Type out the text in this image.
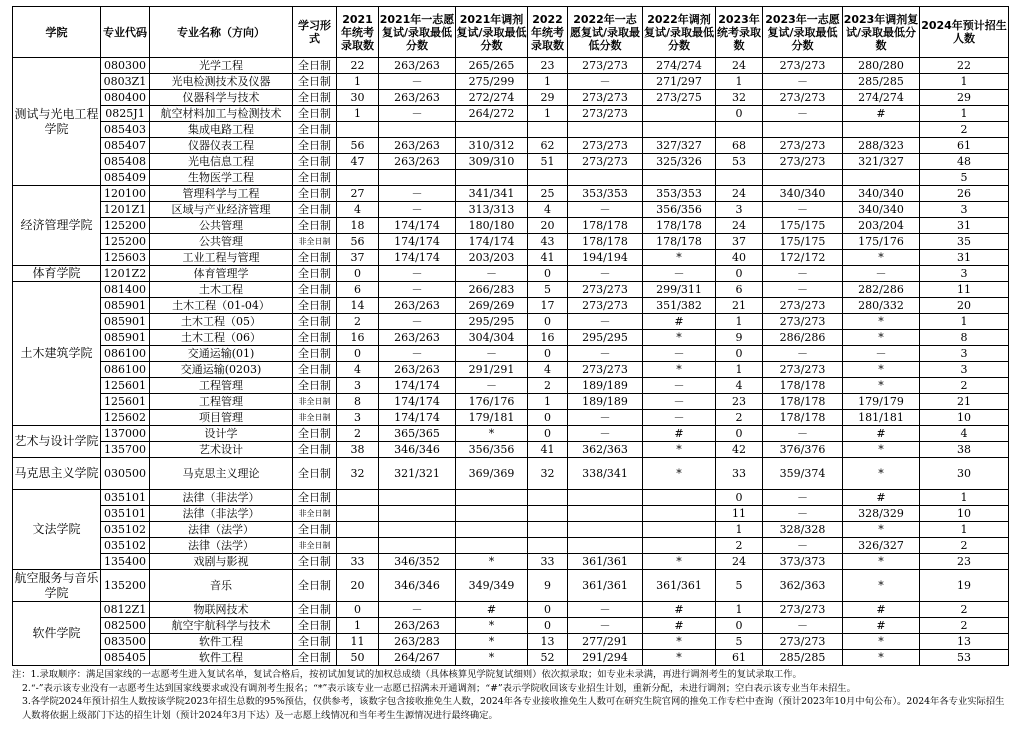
学院	专业代码	专业名称（方向）	学习形式	2021年统考录取数	2021年一志愿复试/录取最低分数	2021年调剂复试/录取最低分数	2022年统考录取数	2022年一志愿复试/录取最低分数	2022年调剂复试/录取最低分数	2023年统考录取数	2023年一志愿复试/录取最低分数	2023年调剂复试/录取最低分数	2024年预计招生人数
测试与光电工程学院	080300	光学工程	全日制	22	263/263	265/265	23	273/273	274/274	24	273/273	280/280	22
	0803Z1	光电检测技术及仪器	全日制	1	－	275/299	1	－	271/297	1	－	285/285	1
	080400	仪器科学与技术	全日制	30	263/263	272/274	29	273/273	273/275	32	273/273	274/274	29
	0825J1	航空材料加工与检测技术	全日制	1	－	264/272	1	273/273		0	－	#	1
	085403	集成电路工程	全日制										2
	085407	仪器仪表工程	全日制	56	263/263	310/312	62	273/273	327/327	68	273/273	288/323	61
	085408	光电信息工程	全日制	47	263/263	309/310	51	273/273	325/326	53	273/273	321/327	48
	085409	生物医学工程	全日制										5
经济管理学院	120100	管理科学与工程	全日制	27	－	341/341	25	353/353	353/353	24	340/340	340/340	26
	1201Z1	区域与产业经济管理	全日制	4	－	313/313	4	－	356/356	3	－	340/340	3
	125200	公共管理	全日制	18	174/174	180/180	20	178/178	178/178	24	175/175	203/204	31
	125200	公共管理	非全日制	56	174/174	174/174	43	178/178	178/178	37	175/175	175/176	35
	125603	工业工程与管理	全日制	37	174/174	203/203	41	194/194	*	40	172/172	*	31
体育学院	1201Z2	体育管理学	全日制	0	－	－	0	－	－	0	－	－	3
土木建筑学院	081400	土木工程	全日制	6	－	266/283	5	273/273	299/311	6	－	282/286	11
	085901	土木工程（01-04）	全日制	14	263/263	269/269	17	273/273	351/382	21	273/273	280/332	20
	085901	土木工程（05）	全日制	2	－	295/295	0	－	#	1	273/273	*	1
	085901	土木工程（06）	全日制	16	263/263	304/304	16	295/295	*	9	286/286	*	8
	086100	交通运输(01)	全日制	0	－	－	0	－	－	0	－	－	3
	086100	交通运输(0203)	全日制	4	263/263	291/291	4	273/273	*	1	273/273	*	3
	125601	工程管理	全日制	3	174/174	－	2	189/189	－	4	178/178	*	2
	125601	工程管理	非全日制	8	174/174	176/176	1	189/189	－	23	178/178	179/179	21
	125602	项目管理	非全日制	3	174/174	179/181	0	－	－	2	178/178	181/181	10
艺术与设计学院	137000	设计学	全日制	2	365/365	*	0	－	#	0	－	#	4
	135700	艺术设计	全日制	38	346/346	356/356	41	362/363	*	42	376/376	*	38
马克思主义学院	030500	马克思主义理论	全日制	32	321/321	369/369	32	338/341	*	33	359/374	*	30
文法学院	035101	法律（非法学）	全日制							0	－	#	1
	035101	法律（非法学）	非全日制							11	－	328/329	10
	035102	法律（法学）	全日制							1	328/328	*	1
	035102	法律（法学）	非全日制							2	－	326/327	2
	135400	戏剧与影视	全日制	33	346/352	*	33	361/361	*	24	373/373	*	23
航空服务与音乐学院	135200	音乐	全日制	20	346/346	349/349	9	361/361	361/361	5	362/363	*	19
软件学院	0812Z1	物联网技术	全日制	0	－	#	0	－	#	1	273/273	#	2
	082500	航空宇航科学与技术	全日制	1	263/263	*	0	－	#	0	－	#	2
	083500	软件工程	全日制	11	263/283	*	13	277/291	*	5	273/273	*	13
	085405	软件工程	全日制	50	264/267	*	52	291/294	*	61	285/285	*	53

注：1.录取顺序：满足国家线的一志愿考生进入复试名单，复试合格后，按初试加复试的加权总成绩（具体核算见学院复试细则）依次拟录取；如专业未录满，再进行调剂考生的复试录取工作。

2.“-”表示该专业没有一志愿考生达到国家线要求或没有调剂考生报名；“*”表示该专业一志愿已招满未开通调剂；“#”表示学院收回该专业招生计划，重新分配，未进行调剂；空白表示该专业当年未招生。

3.各学院2024年预计招生人数按该学院2023年招生总数的95%预估，仅供参考，该数字包含接收推免生人数，2024年各专业接收推免生人数可在研究生院官网的推免工作专栏中查询（预计2023年10月中旬公布）。2024年各专业实际招生人数将依据上级部门下达的招生计划（预计2024年3月下达）及一志愿上线情况和当年考生生源情况进行最终确定。
